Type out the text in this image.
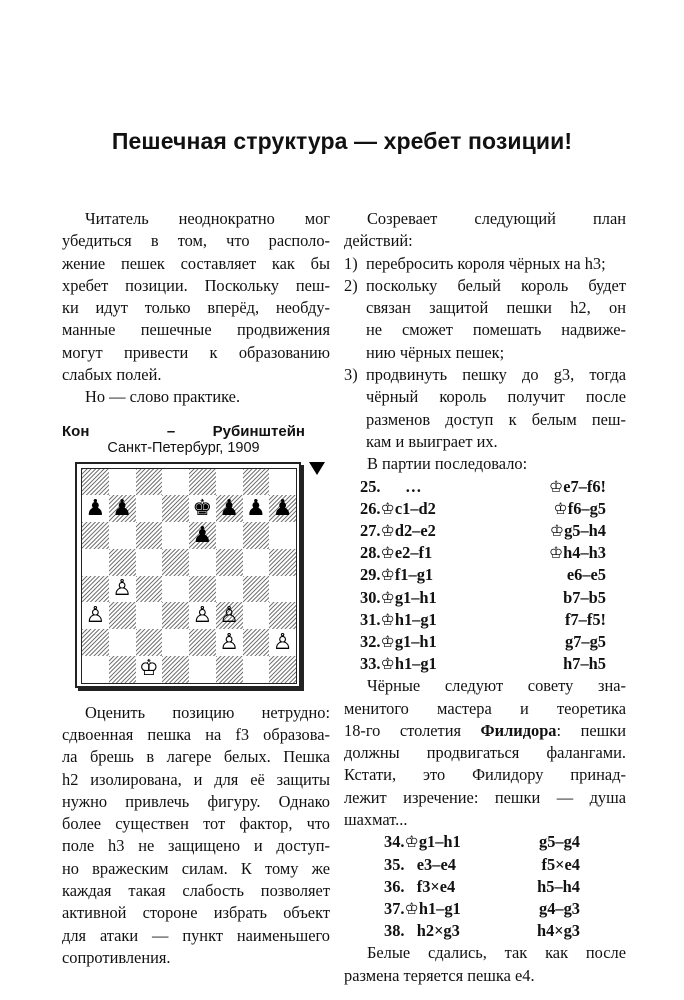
Пешечная структура — хребет позиции!
Читатель неоднократно мог
убедиться в том, что располо-
жение пешек составляет как бы
хребет позиции. Поскольку пеш-
ки идут только вперёд, необду-
манные пешечные продвижения
могут привести к образованию
слабых полей.
Но — слово практике.
Кон	– Рубинштейн
Санкт-Петербург, 1909
♟ ♟	♚ ♟ ♟ ♟
♟
♙
♙	♙ ♙
♙ ♙
♔
Оценить позицию нетрудно:
сдвоенная пешка на f3 образова-
ла брешь в лагере белых. Пешка
h2 изолирована, и для её защиты
нужно привлечь фигуру. Однако
более существен тот фактор, что
поле h3 не защищено и доступ-
но вражеским силам. К тому же
каждая такая слабость позволяет
активной стороне избрать объект
для атаки — пункт наименьшего
сопротивления.
Созревает следующий план
действий:
1) перебросить короля чёрных на h3;
2) поскольку белый король будет
связан защитой пешки h2, он
не сможет помешать надвиже-
нию чёрных пешек;
3) продвинуть пешку до g3, тогда
чёрный король получит после
разменов доступ к белым пеш-
кам и выиграет их.
В партии последовало:
25.      …	♔e7–f6!
26.♔c1–d2	♔f6–g5
27.♔d2–e2	♔g5–h4
28.♔e2–f1	♔h4–h3
29.♔f1–g1	e6–e5
30.♔g1–h1	b7–b5
31.♔h1–g1	f7–f5!
32.♔g1–h1	g7–g5
33.♔h1–g1	h7–h5
Чёрные следуют совету зна-
менитого мастера и теоретика
18-го столетия Филидора: пешки
должны продвигаться фалангами.
Кстати, это Филидору принад-
лежит изречение: пешки — душа
шахмат...
34.♔g1–h1	g5–g4
35.   e3–e4	f5×e4
36.   f3×e4	h5–h4
37.♔h1–g1	g4–g3
38.   h2×g3	h4×g3
Белые сдались, так как после
размена теряется пешка e4.
